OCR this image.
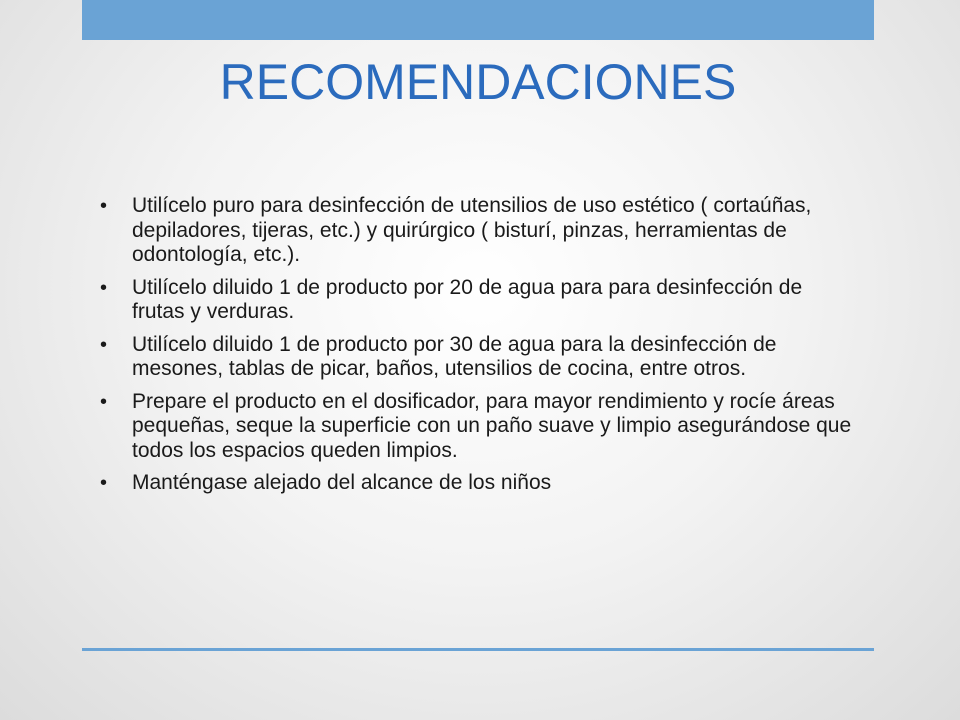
RECOMENDACIONES
• Utilícelo puro para desinfección de utensilios de uso estético ( cortaúñas, depiladores, tijeras, etc.) y quirúrgico ( bisturí, pinzas, herramientas de odontología, etc.).
• Utilícelo diluido 1 de producto por 20 de agua para para desinfección de frutas y verduras.
• Utilícelo diluido 1 de producto por 30 de agua para la desinfección de mesones, tablas de picar, baños, utensilios de cocina, entre otros.
• Prepare el producto en el dosificador, para mayor rendimiento y rocíe áreas pequeñas, seque la superficie con un paño suave y limpio asegurándose que todos los espacios queden limpios.
• Manténgase alejado del alcance de los niños
